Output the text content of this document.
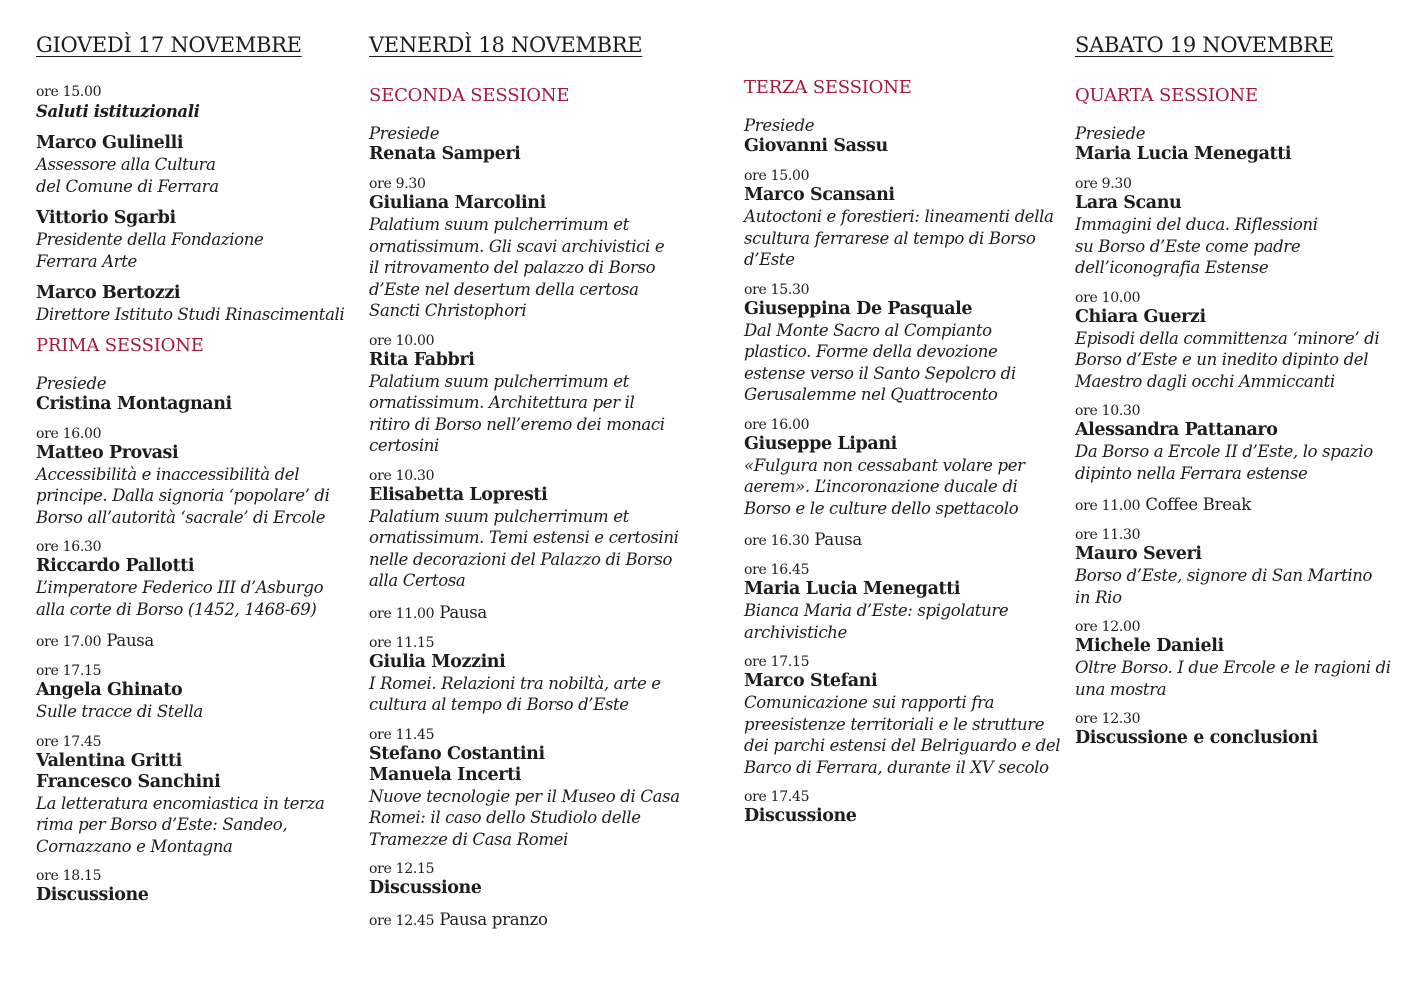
GIOVEDÌ 17 NOVEMBRE
ore 15.00
Saluti istituzionali
Marco Gulinelli
Assessore alla Cultura
del Comune di Ferrara
Vittorio Sgarbi
Presidente della Fondazione
Ferrara Arte
Marco Bertozzi
Direttore Istituto Studi Rinascimentali
PRIMA SESSIONE
Presiede
Cristina Montagnani
ore 16.00
Matteo Provasi
Accessibilità e inaccessibilità del
principe. Dalla signoria ‘popolare’ di
Borso all’autorità ‘sacrale’ di Ercole
ore 16.30
Riccardo Pallotti
L’imperatore Federico III d’Asburgo
alla corte di Borso (1452, 1468-69)
ore 17.00 Pausa
ore 17.15
Angela Ghinato
Sulle tracce di Stella
ore 17.45
Valentina Gritti
Francesco Sanchini
La letteratura encomiastica in terza
rima per Borso d’Este: Sandeo,
Cornazzano e Montagna
ore 18.15
Discussione
VENERDÌ 18 NOVEMBRE
SECONDA SESSIONE
Presiede
Renata Samperi
ore 9.30
Giuliana Marcolini
Palatium suum pulcherrimum et
ornatissimum. Gli scavi archivistici e
il ritrovamento del palazzo di Borso
d’Este nel desertum della certosa
Sancti Christophori
ore 10.00
Rita Fabbri
Palatium suum pulcherrimum et
ornatissimum. Architettura per il
ritiro di Borso nell’eremo dei monaci
certosini
ore 10.30
Elisabetta Lopresti
Palatium suum pulcherrimum et
ornatissimum. Temi estensi e certosini
nelle decorazioni del Palazzo di Borso
alla Certosa
ore 11.00 Pausa
ore 11.15
Giulia Mozzini
I Romei. Relazioni tra nobiltà, arte e
cultura al tempo di Borso d’Este
ore 11.45
Stefano Costantini
Manuela Incerti
Nuove tecnologie per il Museo di Casa
Romei: il caso dello Studiolo delle
Tramezze di Casa Romei
ore 12.15
Discussione
ore 12.45 Pausa pranzo
TERZA SESSIONE
Presiede
Giovanni Sassu
ore 15.00
Marco Scansani
Autoctoni e forestieri: lineamenti della
scultura ferrarese al tempo di Borso
d’Este
ore 15.30
Giuseppina De Pasquale
Dal Monte Sacro al Compianto
plastico. Forme della devozione
estense verso il Santo Sepolcro di
Gerusalemme nel Quattrocento
ore 16.00
Giuseppe Lipani
«Fulgura non cessabant volare per
aerem». L’incoronazione ducale di
Borso e le culture dello spettacolo
ore 16.30 Pausa
ore 16.45
Maria Lucia Menegatti
Bianca Maria d’Este: spigolature
archivistiche
ore 17.15
Marco Stefani
Comunicazione sui rapporti fra
preesistenze territoriali e le strutture
dei parchi estensi del Belriguardo e del
Barco di Ferrara, durante il XV secolo
ore 17.45
Discussione
SABATO 19 NOVEMBRE
QUARTA SESSIONE
Presiede
Maria Lucia Menegatti
ore 9.30
Lara Scanu
Immagini del duca. Riflessioni
su Borso d’Este come padre
dell’iconografia Estense
ore 10.00
Chiara Guerzi
Episodi della committenza ‘minore’ di
Borso d’Este e un inedito dipinto del
Maestro dagli occhi Ammiccanti
ore 10.30
Alessandra Pattanaro
Da Borso a Ercole II d’Este, lo spazio
dipinto nella Ferrara estense
ore 11.00 Coffee Break
ore 11.30
Mauro Severi
Borso d’Este, signore di San Martino
in Rio
ore 12.00
Michele Danieli
Oltre Borso. I due Ercole e le ragioni di
una mostra
ore 12.30
Discussione e conclusioni
